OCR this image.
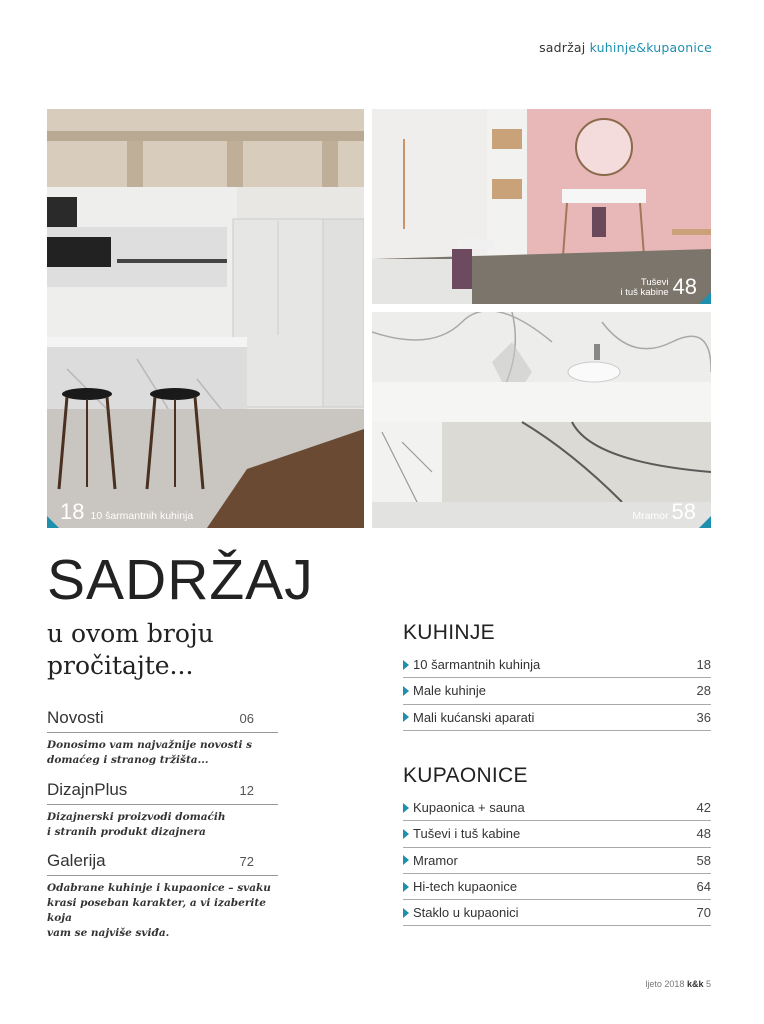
sadržaj kuhinje&kupaonice
18 10 šarmantnih kuhinja
Tuševi
i tuš kabine 48
Mramor 58
SADRŽAJ
u ovom broju
pročitajte...
Novosti	06
Donosimo vam najvažnije novosti s
domaćeg i stranog tržišta...
DizajnPlus	12
Dizajnerski proizvodi domaćih
i stranih produkt dizajnera
Galerija	72
Odabrane kuhinje i kupaonice – svaku
krasi poseban karakter, a vi izaberite koja
vam se najviše sviđa.
KUHINJE
10 šarmantnih kuhinja	18
Male kuhinje	28
Mali kućanski aparati	36
KUPAONICE
Kupaonica + sauna	42
Tuševi i tuš kabine	48
Mramor	58
Hi-tech kupaonice	64
Staklo u kupaonici	70
ljeto 2018 k&k 5
